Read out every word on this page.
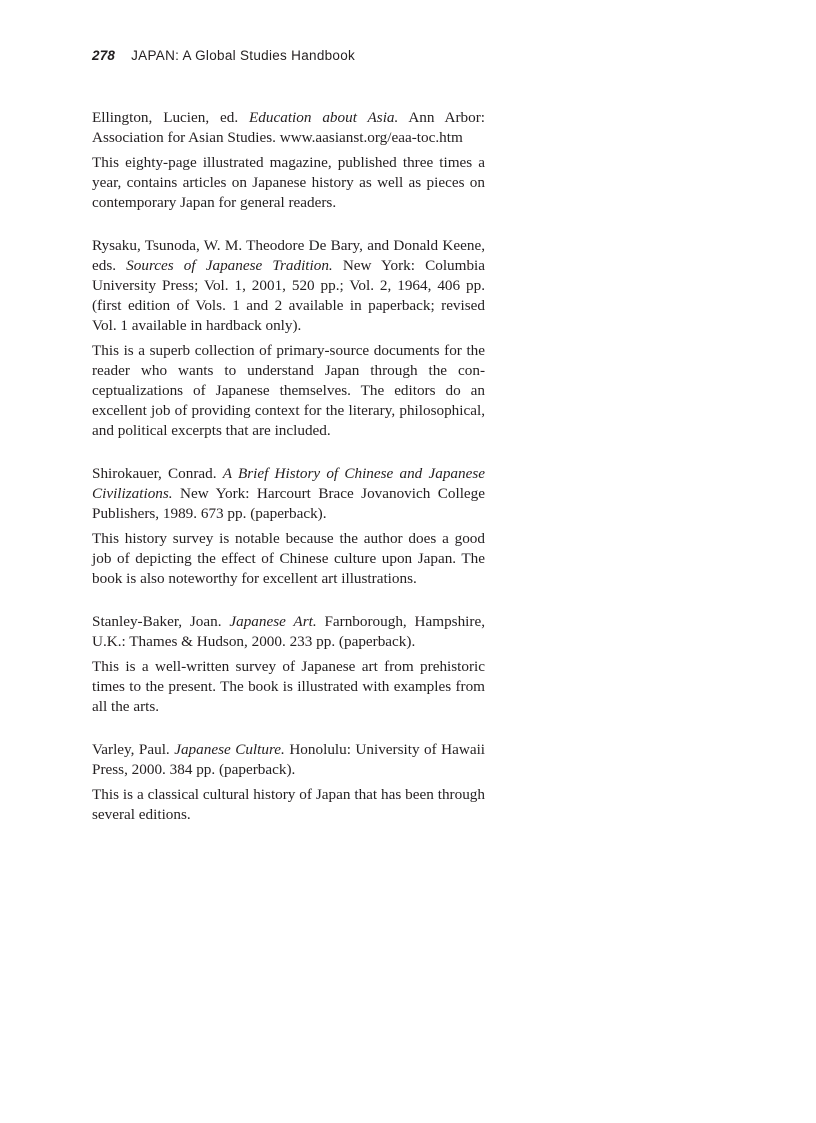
278 JAPAN: A Global Studies Handbook

Ellington, Lucien, ed. Education about Asia. Ann Arbor: Association for Asian Studies. www.aasianst.org/eaa-toc.htm

This eighty-page illustrated magazine, published three times a year, contains articles on Japanese history as well as pieces on contemporary Japan for general readers.

Rysaku, Tsunoda, W. M. Theodore De Bary, and Donald Keene, eds. Sources of Japanese Tradition. New York: Columbia University Press; Vol. 1, 2001, 520 pp.; Vol. 2, 1964, 406 pp. (first edition of Vols. 1 and 2 available in paperback; revised Vol. 1 available in hardback only).

This is a superb collection of primary-source documents for the reader who wants to understand Japan through the conceptualizations of Japanese themselves. The editors do an excellent job of providing context for the literary, philosophical, and political excerpts that are included.

Shirokauer, Conrad. A Brief History of Chinese and Japanese Civilizations. New York: Harcourt Brace Jovanovich College Publishers, 1989. 673 pp. (paperback).

This history survey is notable because the author does a good job of depicting the effect of Chinese culture upon Japan. The book is also noteworthy for excellent art illustrations.

Stanley-Baker, Joan. Japanese Art. Farnborough, Hampshire, U.K.: Thames & Hudson, 2000. 233 pp. (paperback).

This is a well-written survey of Japanese art from prehistoric times to the present. The book is illustrated with examples from all the arts.

Varley, Paul. Japanese Culture. Honolulu: University of Hawaii Press, 2000. 384 pp. (paperback).

This is a classical cultural history of Japan that has been through several editions.
